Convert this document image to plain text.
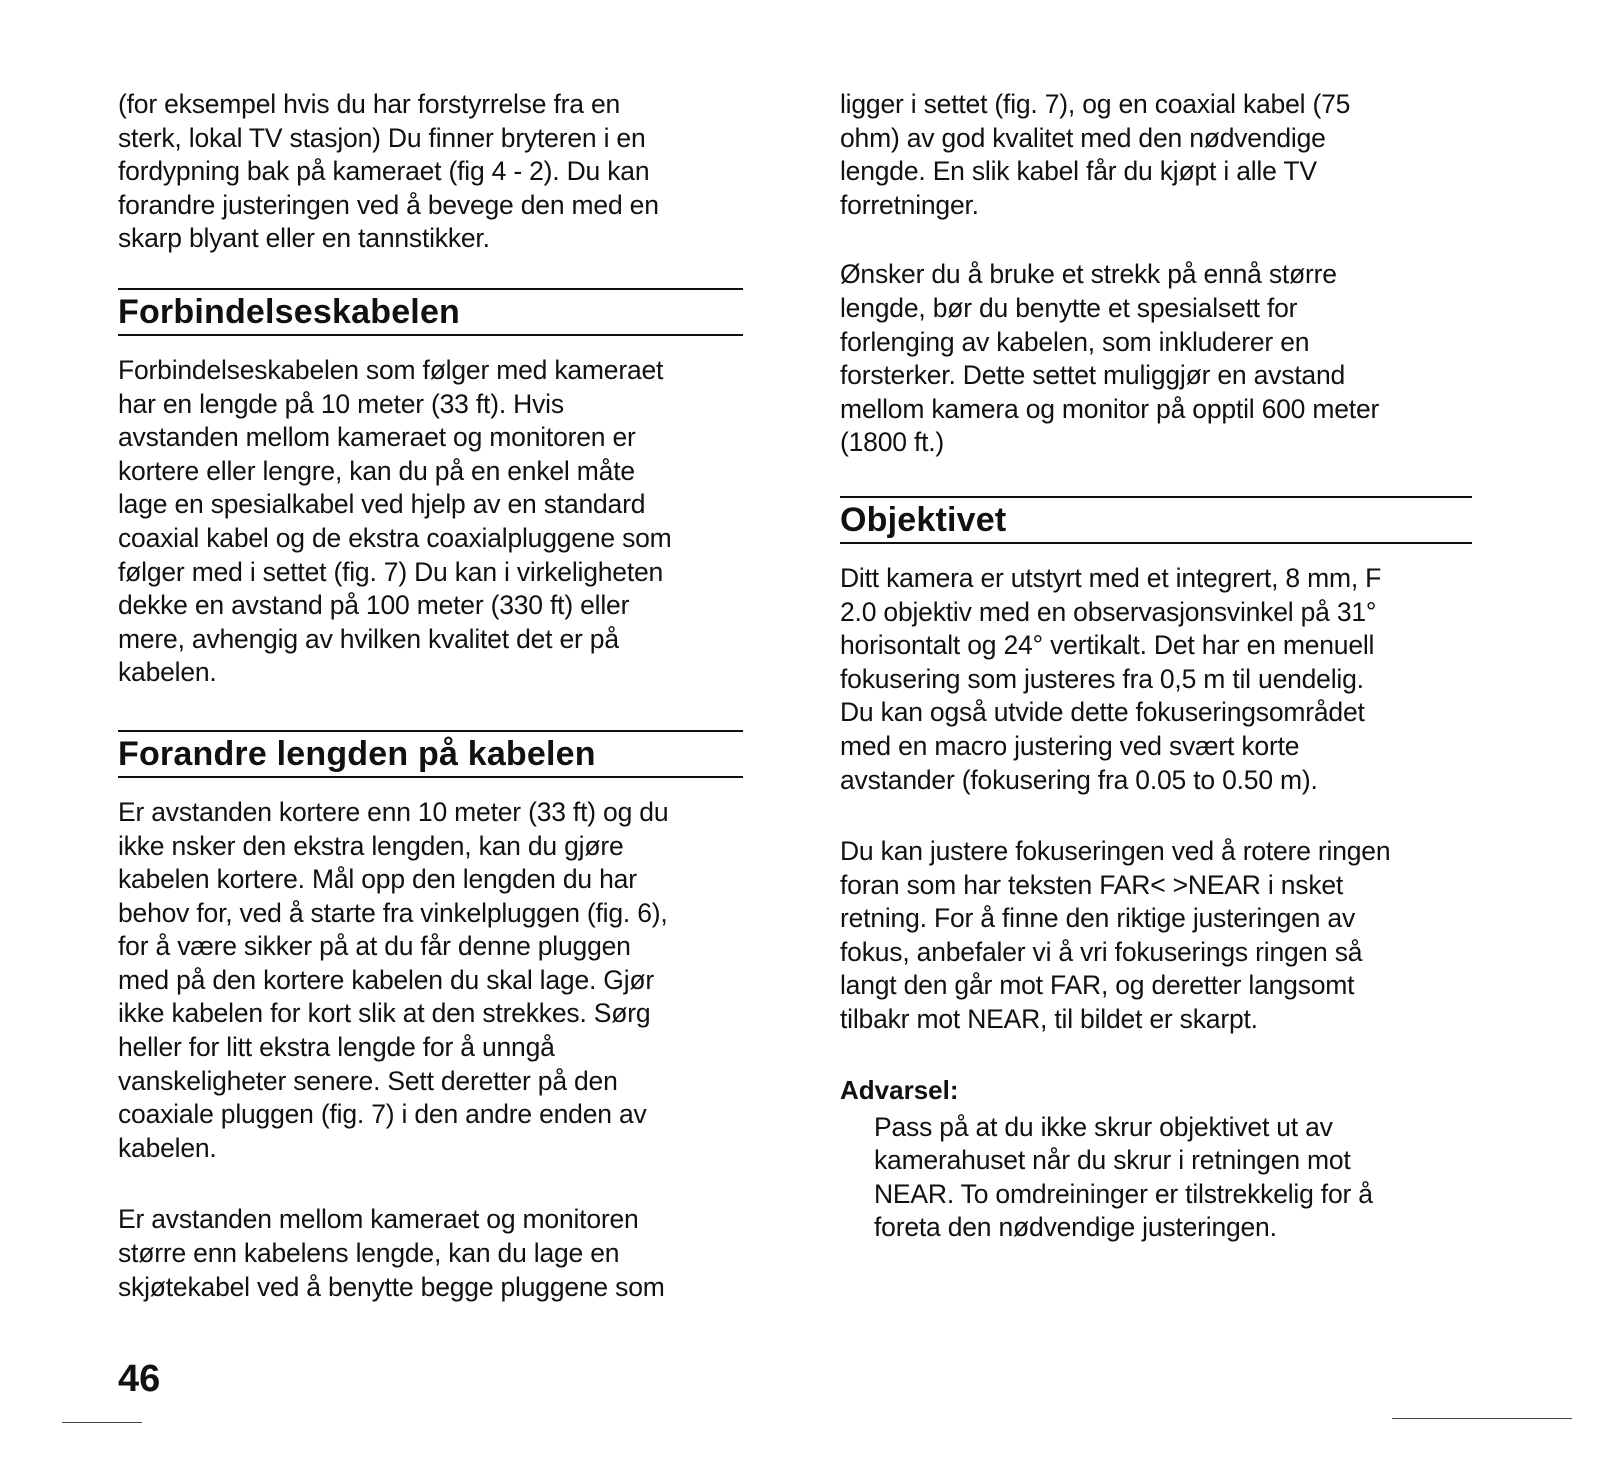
(for eksempel hvis du har forstyrrelse fra en
sterk, lokal TV stasjon) Du finner bryteren i en
fordypning bak på kameraet (fig 4 - 2). Du kan
forandre justeringen ved å bevege den med en
skarp blyant eller en tannstikker.

Forbindelseskabelen

Forbindelseskabelen som følger med kameraet
har en lengde på 10 meter (33 ft). Hvis
avstanden mellom kameraet og monitoren er
kortere eller lengre, kan du på en enkel måte
lage en spesialkabel ved hjelp av en standard
coaxial kabel og de ekstra coaxialpluggene som
følger med i settet (fig. 7) Du kan i virkeligheten
dekke en avstand på 100 meter (330 ft) eller
mere, avhengig av hvilken kvalitet det er på
kabelen.

Forandre lengden på kabelen

Er avstanden kortere enn 10 meter (33 ft) og du
ikke nsker den ekstra lengden, kan du gjøre
kabelen kortere. Mål opp den lengden du har
behov for, ved å starte fra vinkelpluggen (fig. 6),
for å være sikker på at du får denne pluggen
med på den kortere kabelen du skal lage. Gjør
ikke kabelen for kort slik at den strekkes. Sørg
heller for litt ekstra lengde for å unngå
vanskeligheter senere. Sett deretter på den
coaxiale pluggen (fig. 7) i den andre enden av
kabelen.

Er avstanden mellom kameraet og monitoren
større enn kabelens lengde, kan du lage en
skjøtekabel ved å benytte begge pluggene som

ligger i settet (fig. 7), og en coaxial kabel (75
ohm) av god kvalitet med den nødvendige
lengde. En slik kabel får du kjøpt i alle TV
forretninger.

Ønsker du å bruke et strekk på ennå større
lengde, bør du benytte et spesialsett for
forlenging av kabelen, som inkluderer en
forsterker. Dette settet muliggjør en avstand
mellom kamera og monitor på opptil 600 meter
(1800 ft.)

Objektivet

Ditt kamera er utstyrt med et integrert, 8 mm, F
2.0 objektiv med en observasjonsvinkel på 31°
horisontalt og 24° vertikalt. Det har en menuell
fokusering som justeres fra 0,5 m til uendelig.
Du kan også utvide dette fokuseringsområdet
med en macro justering ved svært korte
avstander (fokusering fra 0.05 to 0.50 m).

Du kan justere fokuseringen ved å rotere ringen
foran som har teksten FAR< >NEAR i nsket
retning. For å finne den riktige justeringen av
fokus, anbefaler vi å vri fokuserings ringen så
langt den går mot FAR, og deretter langsomt
tilbakr mot NEAR, til bildet er skarpt.

Advarsel:

Pass på at du ikke skrur objektivet ut av
kamerahuset når du skrur i retningen mot
NEAR. To omdreininger er tilstrekkelig for å
foreta den nødvendige justeringen.

46
